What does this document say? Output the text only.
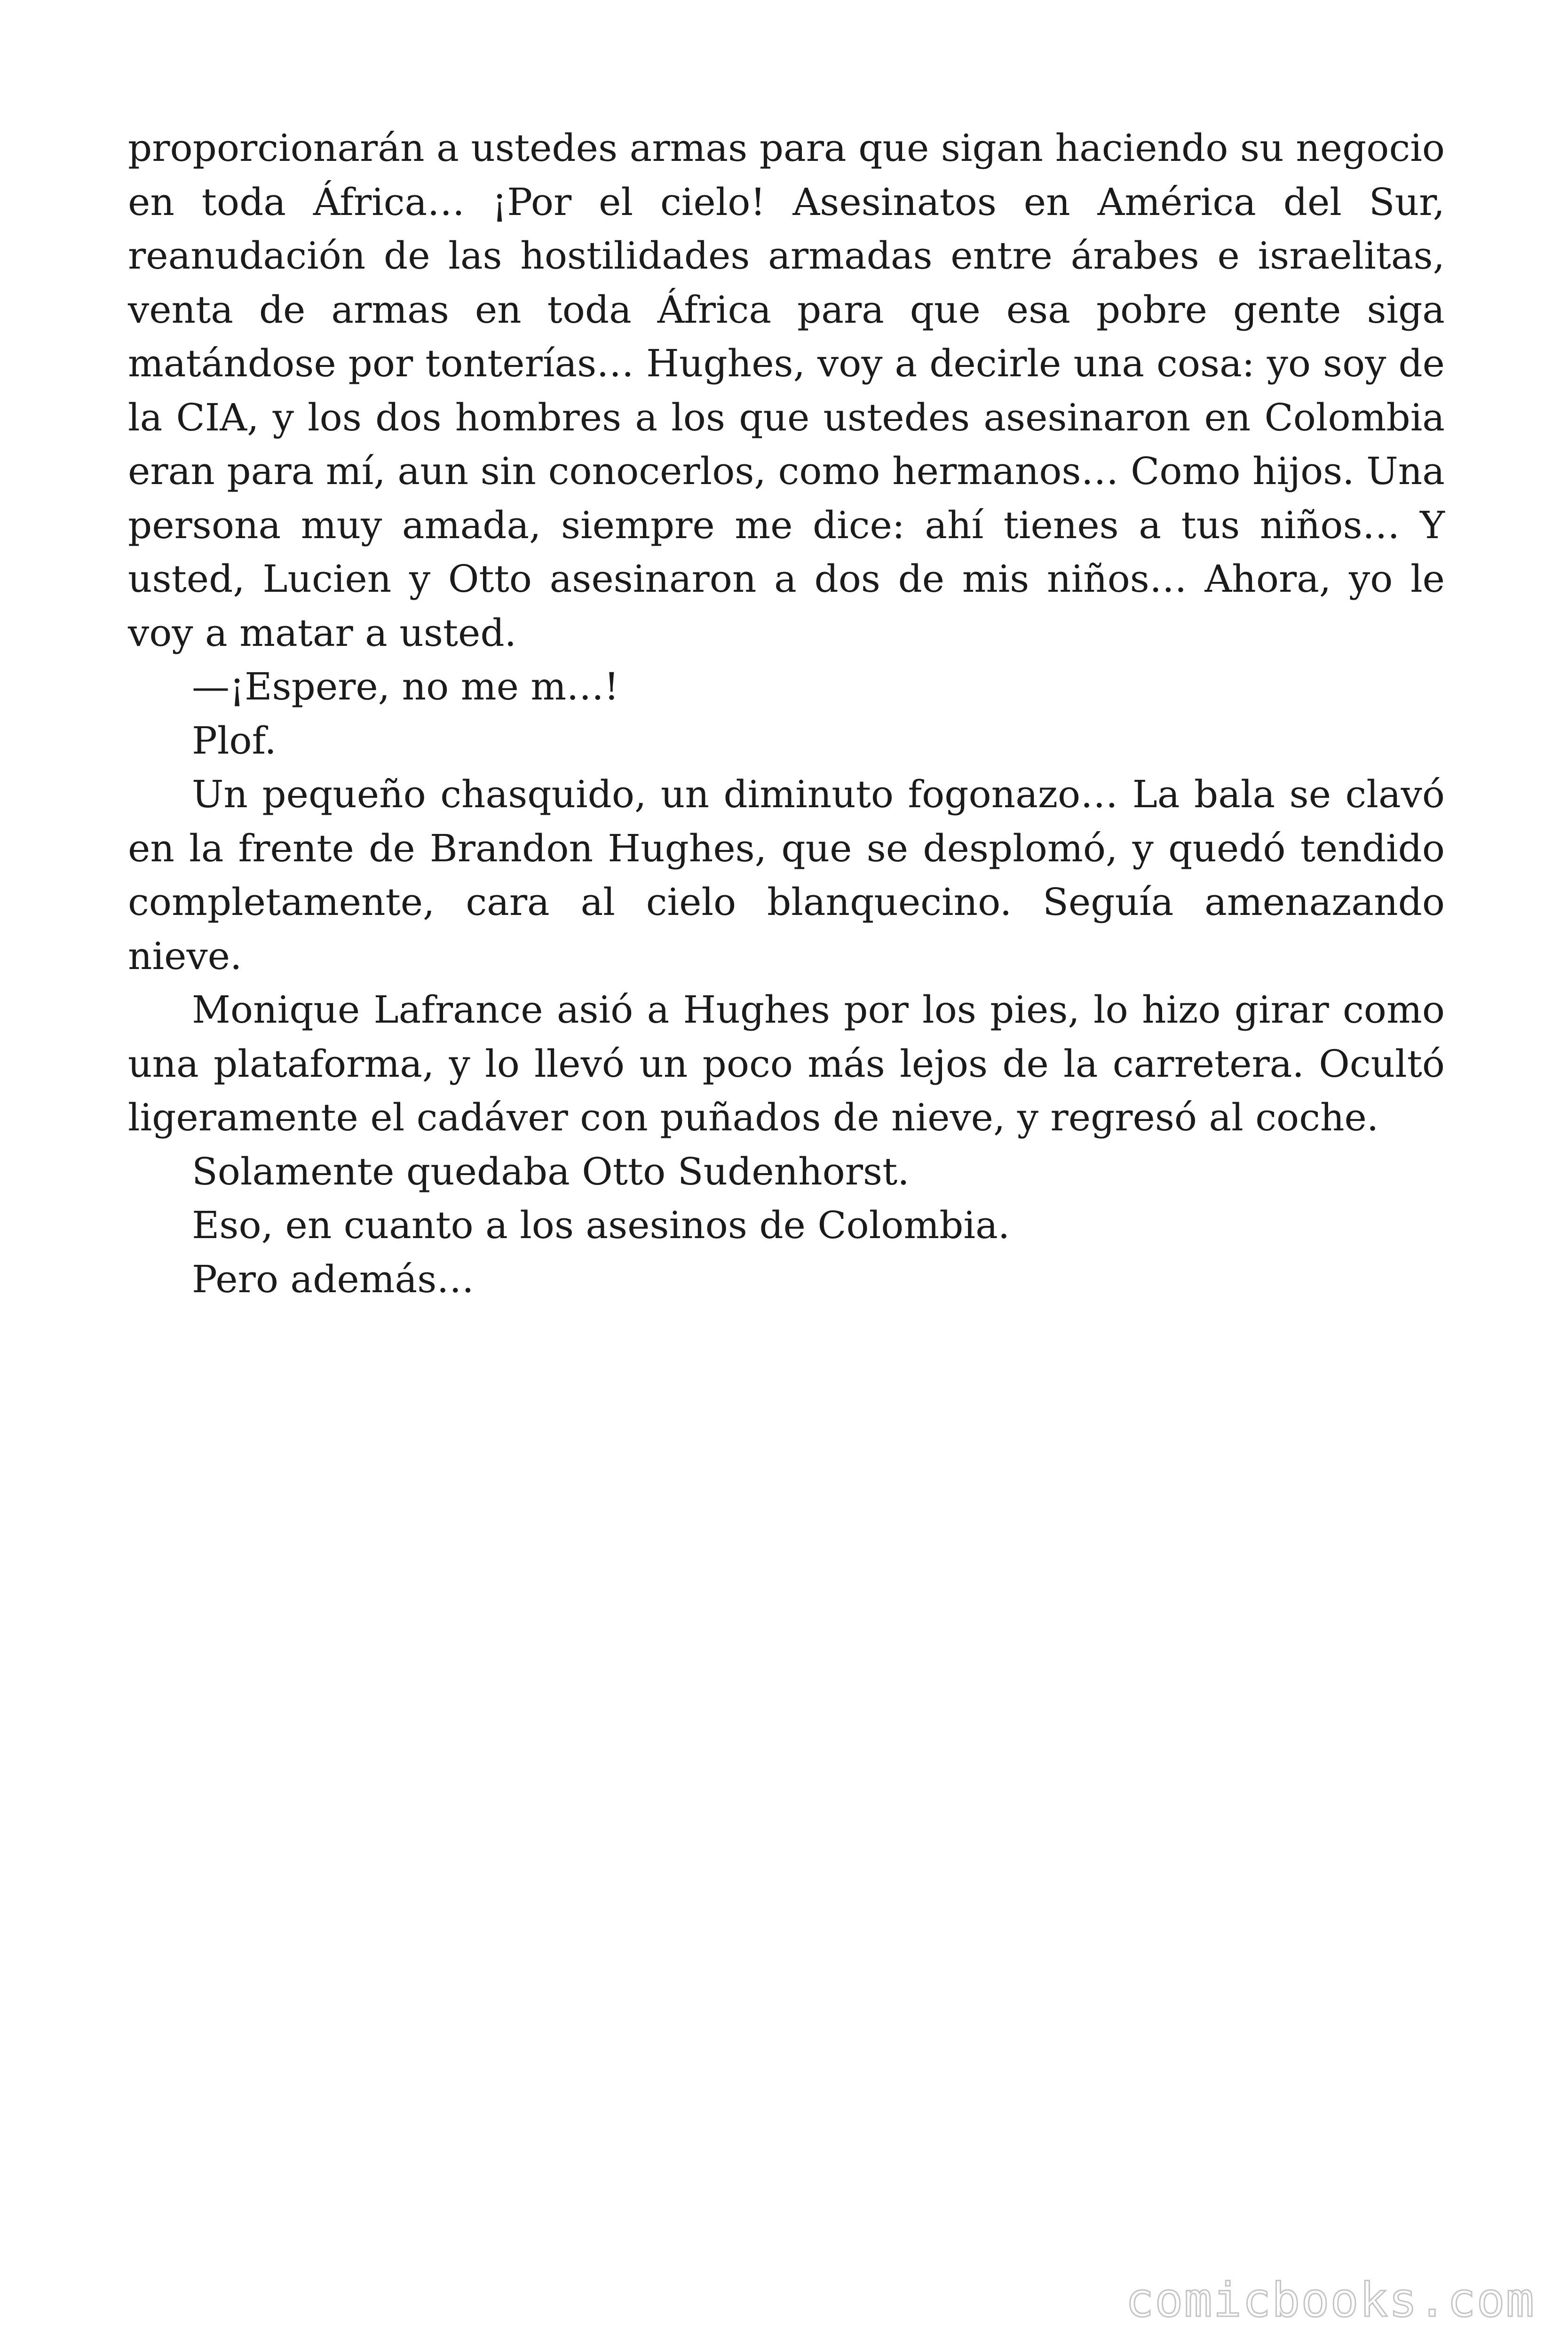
proporcionarán a ustedes armas para que sigan haciendo su negocio en toda África… ¡Por el cielo! Asesinatos en América del Sur, reanudación de las hostilidades armadas entre árabes e israelitas, venta de armas en toda África para que esa pobre gente siga matándose por tonterías… Hughes, voy a decirle una cosa: yo soy de la CIA, y los dos hombres a los que ustedes asesinaron en Colombia eran para mí, aun sin conocerlos, como hermanos… Como hijos. Una persona muy amada, siempre me dice: ahí tienes a tus niños… Y usted, Lucien y Otto asesinaron a dos de mis niños… Ahora, yo le voy a matar a usted.

—¡Espere, no me m…!

Plof.

Un pequeño chasquido, un diminuto fogonazo… La bala se clavó en la frente de Brandon Hughes, que se desplomó, y quedó tendido completamente, cara al cielo blanquecino. Seguía amenazando nieve.

Monique Lafrance asió a Hughes por los pies, lo hizo girar como una plataforma, y lo llevó un poco más lejos de la carretera. Ocultó ligeramente el cadáver con puñados de nieve, y regresó al coche.

Solamente quedaba Otto Sudenhorst.

Eso, en cuanto a los asesinos de Colombia.

Pero además…

comicbooks.com
